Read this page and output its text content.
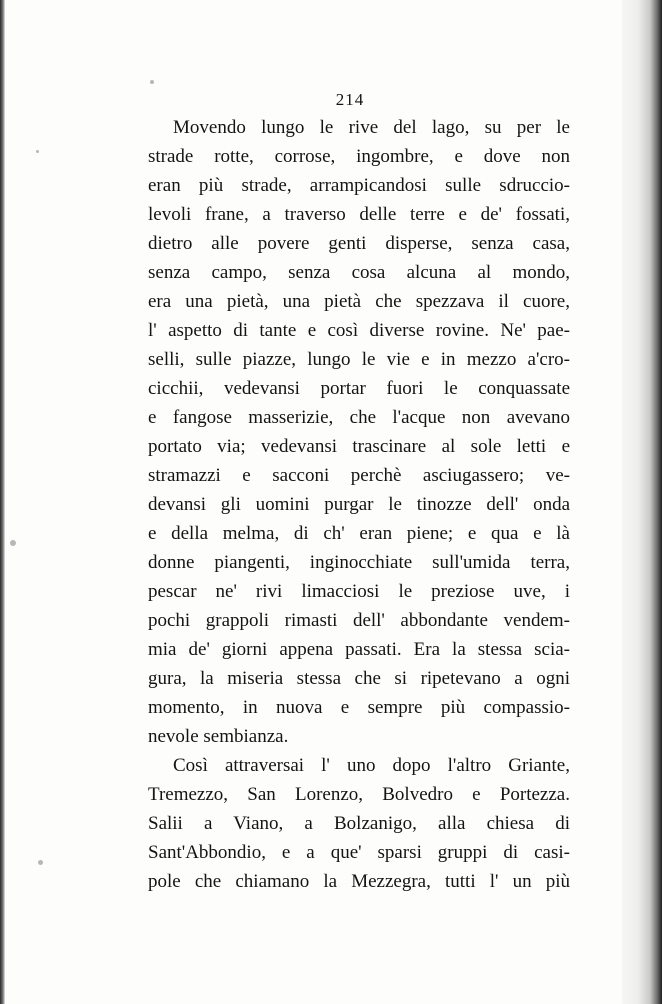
214
Movendo lungo le rive del lago, su per le
strade rotte, corrose, ingombre, e dove non
eran più strade, arrampicandosi sulle sdruccio-
levoli frane, a traverso delle terre e de' fossati,
dietro alle povere genti disperse, senza casa,
senza campo, senza cosa alcuna al mondo,
era una pietà, una pietà che spezzava il cuore,
l' aspetto di tante e così diverse rovine. Ne' pae-
selli, sulle piazze, lungo le vie e in mezzo a'cro-
cicchii, vedevansi portar fuori le conquassate
e fangose masserizie, che l'acque non avevano
portato via; vedevansi trascinare al sole letti e
stramazzi e sacconi perchè asciugassero; ve-
devansi gli uomini purgar le tinozze dell' onda
e della melma, di ch' eran piene; e qua e là
donne piangenti, inginocchiate sull'umida terra,
pescar ne' rivi limacciosi le preziose uve, i
pochi grappoli rimasti dell' abbondante vendem-
mia de' giorni appena passati. Era la stessa scia-
gura, la miseria stessa che si ripetevano a ogni
momento, in nuova e sempre più compassio-
nevole sembianza.
Così attraversai l' uno dopo l'altro Griante,
Tremezzo, San Lorenzo, Bolvedro e Portezza.
Salii a Viano, a Bolzanigo, alla chiesa di
Sant'Abbondio, e a que' sparsi gruppi di casi-
pole che chiamano la Mezzegra, tutti l' un più
